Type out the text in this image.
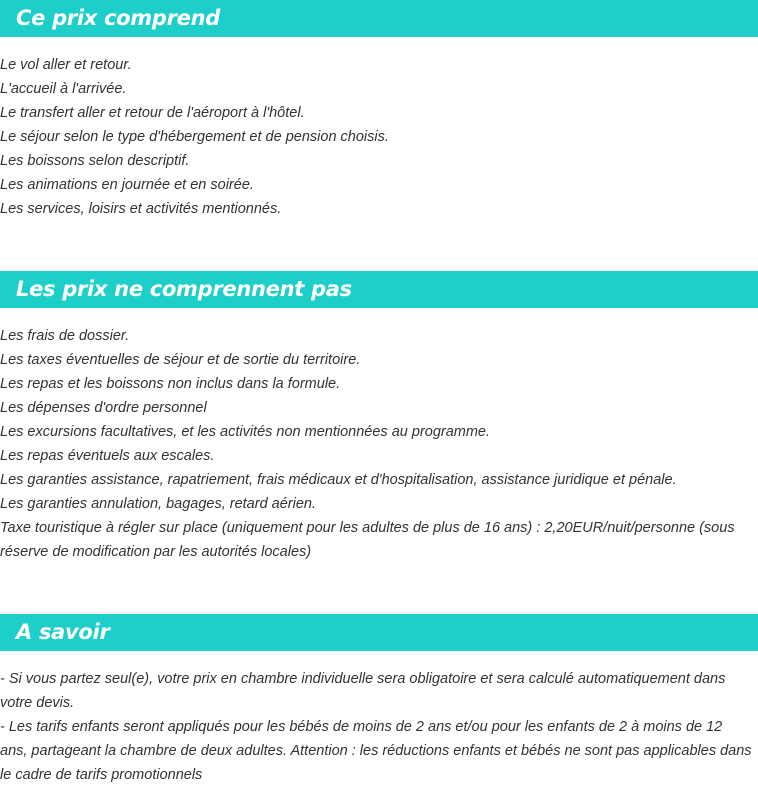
Ce prix comprend
Le vol aller et retour.
L'accueil à l'arrivée.
Le transfert aller et retour de l'aéroport à l'hôtel.
Le séjour selon le type d'hébergement et de pension choisis.
Les boissons selon descriptif.
Les animations en journée et en soirée.
Les services, loisirs et activités mentionnés.
Les prix ne comprennent pas
Les frais de dossier.
Les taxes éventuelles de séjour et de sortie du territoire.
Les repas et les boissons non inclus dans la formule.
Les dépenses d'ordre personnel
Les excursions facultatives, et les activités non mentionnées au programme.
Les repas éventuels aux escales.
Les garanties assistance, rapatriement, frais médicaux et d'hospitalisation, assistance juridique et pénale.
Les garanties annulation, bagages, retard aérien.
Taxe touristique à régler sur place (uniquement pour les adultes de plus de 16 ans) : 2,20EUR/nuit/personne (sous réserve de modification par les autorités locales)
A savoir
- Si vous partez seul(e), votre prix en chambre individuelle sera obligatoire et sera calculé automatiquement dans votre devis.
- Les tarifs enfants seront appliqués pour les bébés de moins de 2 ans et/ou pour les enfants de 2 à moins de 12 ans, partageant la chambre de deux adultes. Attention : les réductions enfants et bébés ne sont pas applicables dans le cadre de tarifs promotionnels
